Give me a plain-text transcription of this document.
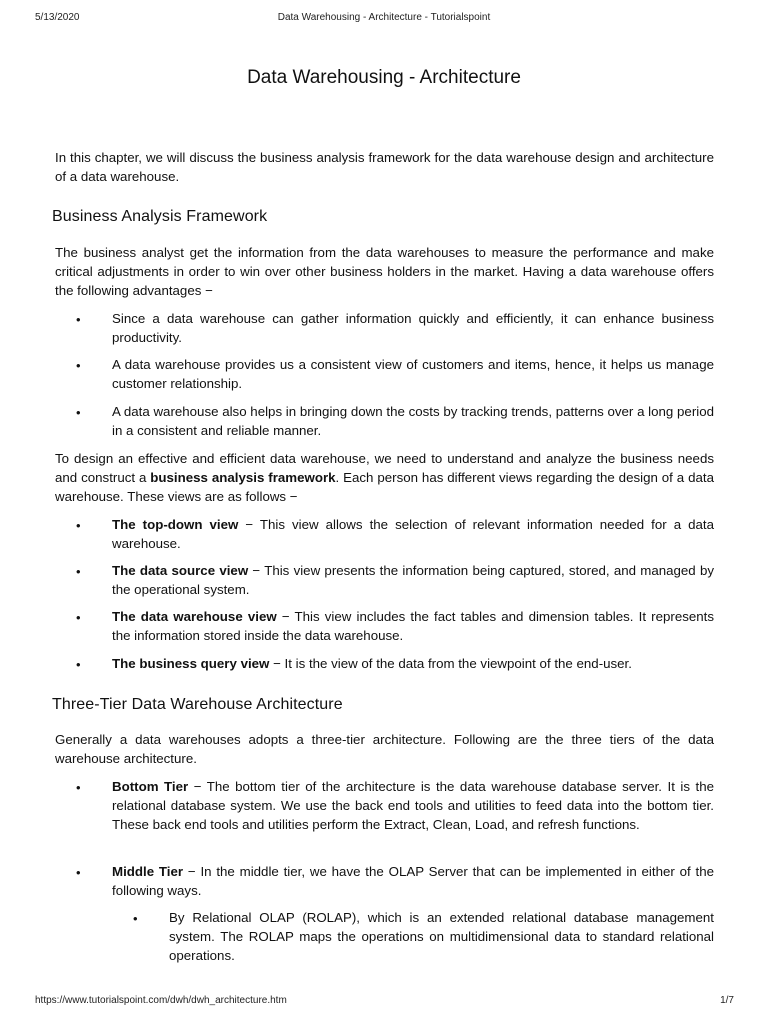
5/13/2020	Data Warehousing - Architecture - Tutorialspoint
Data Warehousing - Architecture

In this chapter, we will discuss the business analysis framework for the data warehouse design and architecture of a data warehouse.

Business Analysis Framework

The business analyst get the information from the data warehouses to measure the performance and make critical adjustments in order to win over other business holders in the market. Having a data warehouse offers the following advantages −

• Since a data warehouse can gather information quickly and efficiently, it can enhance business productivity.

• A data warehouse provides us a consistent view of customers and items, hence, it helps us manage customer relationship.

• A data warehouse also helps in bringing down the costs by tracking trends, patterns over a long period in a consistent and reliable manner.

To design an effective and efficient data warehouse, we need to understand and analyze the business needs and construct a business analysis framework. Each person has different views regarding the design of a data warehouse. These views are as follows −

• The top-down view − This view allows the selection of relevant information needed for a data warehouse.

• The data source view − This view presents the information being captured, stored, and managed by the operational system.

• The data warehouse view − This view includes the fact tables and dimension tables. It represents the information stored inside the data warehouse.

• The business query view − It is the view of the data from the viewpoint of the end-user.

Three-Tier Data Warehouse Architecture

Generally a data warehouses adopts a three-tier architecture. Following are the three tiers of the data warehouse architecture.

• Bottom Tier − The bottom tier of the architecture is the data warehouse database server. It is the relational database system. We use the back end tools and utilities to feed data into the bottom tier. These back end tools and utilities perform the Extract, Clean, Load, and refresh functions.

• Middle Tier − In the middle tier, we have the OLAP Server that can be implemented in either of the following ways.

• By Relational OLAP (ROLAP), which is an extended relational database management system. The ROLAP maps the operations on multidimensional data to standard relational operations.

https://www.tutorialspoint.com/dwh/dwh_architecture.htm	1/7
